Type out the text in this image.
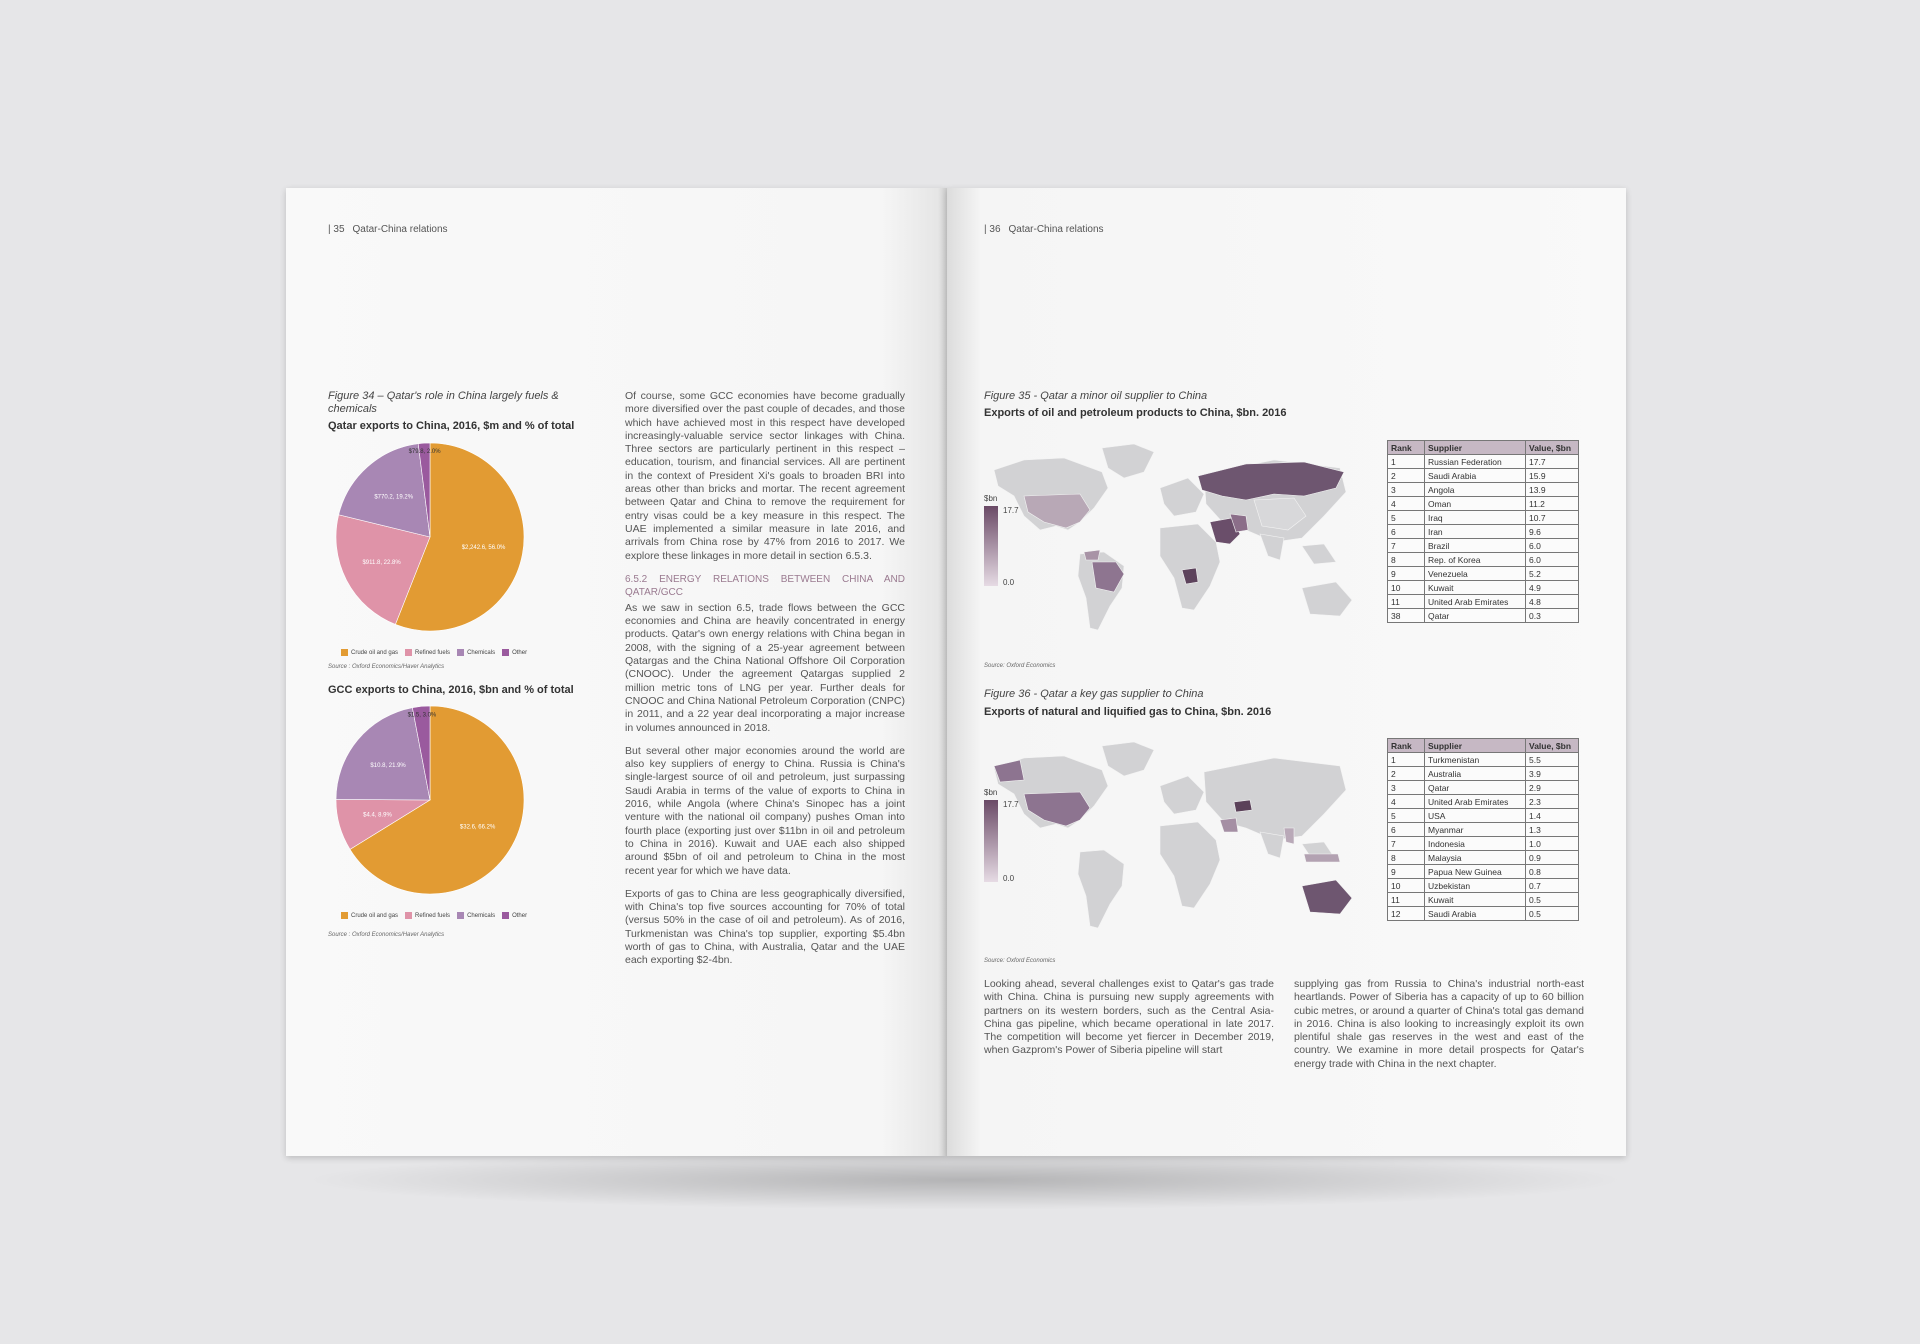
| 35 Qatar-China relations
Figure 34 – Qatar's role in China largely fuels & chemicals
Qatar exports to China, 2016, $m and % of total
$2,242.6, 56.0%
$911.8, 22.8%
$770.2, 19.2%
$79.8, 2.0%
Crude oil and gas	Refined fuels	Chemicals	Other
Source : Oxford Economics/Haver Analytics
GCC exports to China, 2016, $bn and % of total
$32.6, 66.2%
$4.4, 8.9%
$10.8, 21.9%
$1.5, 3.0%
Crude oil and gas	Refined fuels	Chemicals	Other
Source : Oxford Economics/Haver Analytics

Of course, some GCC economies have become gradually more diversified over the past couple of decades, and those which have achieved most in this respect have developed increasingly-valuable service sector linkages with China. Three sectors are particularly pertinent in this respect – education, tourism, and financial services. All are pertinent in the context of President Xi's goals to broaden BRI into areas other than bricks and mortar. The recent agreement between Qatar and China to remove the requirement for entry visas could be a key measure in this respect. The UAE implemented a similar measure in late 2016, and arrivals from China rose by 47% from 2016 to 2017. We explore these linkages in more detail in section 6.5.3.

6.5.2 ENERGY RELATIONS BETWEEN CHINA AND QATAR/GCC

As we saw in section 6.5, trade flows between the GCC economies and China are heavily concentrated in energy products. Qatar's own energy relations with China began in 2008, with the signing of a 25-year agreement between Qatargas and the China National Offshore Oil Corporation (CNOOC). Under the agreement Qatargas supplied 2 million metric tons of LNG per year. Further deals for CNOOC and China National Petroleum Corporation (CNPC) in 2011, and a 22 year deal incorporating a major increase in volumes announced in 2018.

But several other major economies around the world are also key suppliers of energy to China. Russia is China's single-largest source of oil and petroleum, just surpassing Saudi Arabia in terms of the value of exports to China in 2016, while Angola (where China's Sinopec has a joint venture with the national oil company) pushes Oman into fourth place (exporting just over $11bn in oil and petroleum to China in 2016). Kuwait and UAE each also shipped around $5bn of oil and petroleum to China in the most recent year for which we have data.

Exports of gas to China are less geographically diversified, with China's top five sources accounting for 70% of total (versus 50% in the case of oil and petroleum). As of 2016, Turkmenistan was China's top supplier, exporting $5.4bn worth of gas to China, with Australia, Qatar and the UAE each exporting $2-4bn.

| 36 Qatar-China relations
Figure 35 - Qatar a minor oil supplier to China
Exports of oil and petroleum products to China, $bn. 2016
$bn
17.7
0.0
Source: Oxford Economics
Rank	Supplier	Value, $bn
1	Russian Federation	17.7
2	Saudi Arabia	15.9
3	Angola	13.9
4	Oman	11.2
5	Iraq	10.7
6	Iran	9.6
7	Brazil	6.0
8	Rep. of Korea	6.0
9	Venezuela	5.2
10	Kuwait	4.9
11	United Arab Emirates	4.8
38	Qatar	0.3
Figure 36 - Qatar a key gas supplier to China
Exports of natural and liquified gas to China, $bn. 2016
$bn
17.7
0.0
Source: Oxford Economics
Rank	Supplier	Value, $bn
1	Turkmenistan	5.5
2	Australia	3.9
3	Qatar	2.9
4	United Arab Emirates	2.3
5	USA	1.4
6	Myanmar	1.3
7	Indonesia	1.0
8	Malaysia	0.9
9	Papua New Guinea	0.8
10	Uzbekistan	0.7
11	Kuwait	0.5
12	Saudi Arabia	0.5
Looking ahead, several challenges exist to Qatar's gas trade with China. China is pursuing new supply agreements with partners on its western borders, such as the Central Asia-China gas pipeline, which became operational in late 2017. The competition will become yet fiercer in December 2019, when Gazprom's Power of Siberia pipeline will start
supplying gas from Russia to China's industrial north-east heartlands. Power of Siberia has a capacity of up to 60 billion cubic metres, or around a quarter of China's total gas demand in 2016. China is also looking to increasingly exploit its own plentiful shale gas reserves in the west and east of the country. We examine in more detail prospects for Qatar's energy trade with China in the next chapter.
